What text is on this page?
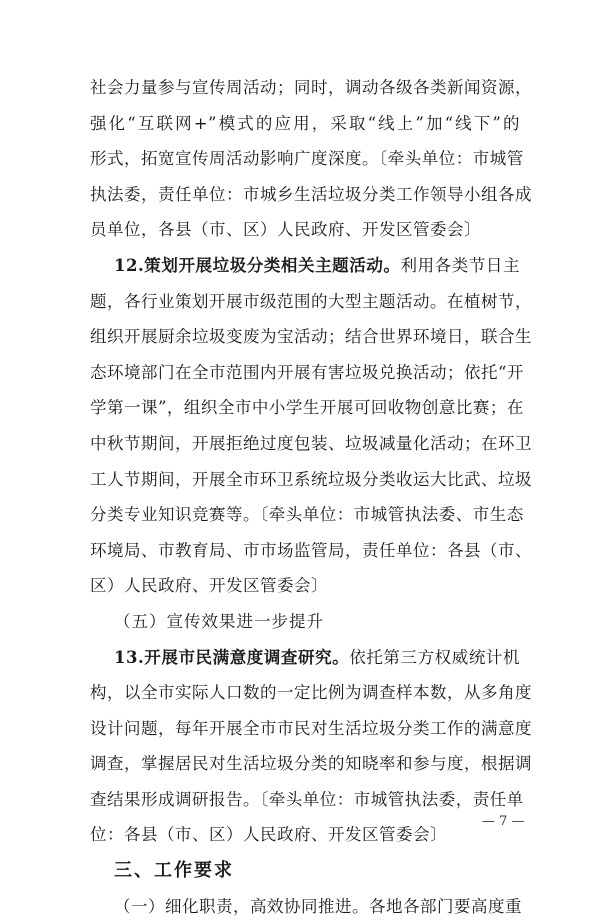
社会力量参与宣传周活动；同时，调动各级各类新闻资源，
强化“互联网+”模式的应用，采取“线上”加“线下”的
形式，拓宽宣传周活动影响广度深度。〔牵头单位：市城管
执法委，责任单位：市城乡生活垃圾分类工作领导小组各成
员单位，各县（市、区）人民政府、开发区管委会〕
12.策划开展垃圾分类相关主题活动。利用各类节日主
题，各行业策划开展市级范围的大型主题活动。在植树节，
组织开展厨余垃圾变废为宝活动；结合世界环境日，联合生
态环境部门在全市范围内开展有害垃圾兑换活动；依托“开
学第一课”，组织全市中小学生开展可回收物创意比赛；在
中秋节期间，开展拒绝过度包装、垃圾减量化活动；在环卫
工人节期间，开展全市环卫系统垃圾分类收运大比武、垃圾
分类专业知识竞赛等。〔牵头单位：市城管执法委、市生态
环境局、市教育局、市市场监管局，责任单位：各县（市、
区）人民政府、开发区管委会〕
（五）宣传效果进一步提升
13.开展市民满意度调查研究。依托第三方权威统计机
构，以全市实际人口数的一定比例为调查样本数，从多角度
设计问题，每年开展全市市民对生活垃圾分类工作的满意度
调查，掌握居民对生活垃圾分类的知晓率和参与度，根据调
查结果形成调研报告。〔牵头单位：市城管执法委，责任单
位：各县（市、区）人民政府、开发区管委会〕
三、工作要求
（一）细化职责，高效协同推进。各地各部门要高度重
— 7 —
